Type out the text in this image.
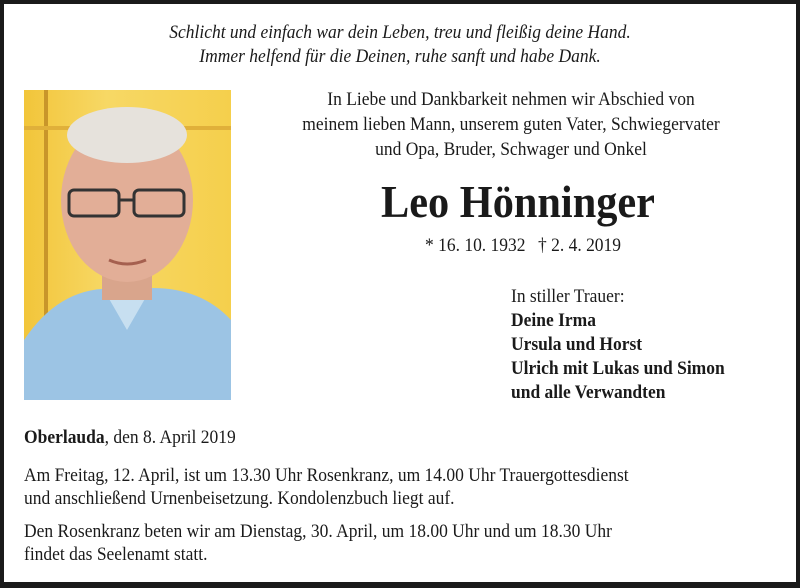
Schlicht und einfach war dein Leben, treu und fleißig deine Hand.
Immer helfend für die Deinen, ruhe sanft und habe Dank.
In Liebe und Dankbarkeit nehmen wir Abschied von
meinem lieben Mann, unserem guten Vater, Schwiegervater
und Opa, Bruder, Schwager und Onkel
Leo Hönninger
* 16. 10. 1932 † 2. 4. 2019
In stiller Trauer:
Deine Irma
Ursula und Horst
Ulrich mit Lukas und Simon
und alle Verwandten
Oberlauda, den 8. April 2019
Am Freitag, 12. April, ist um 13.30 Uhr Rosenkranz, um 14.00 Uhr Trauergottesdienst
und anschließend Urnenbeisetzung. Kondolenzbuch liegt auf.
Den Rosenkranz beten wir am Dienstag, 30. April, um 18.00 Uhr und um 18.30 Uhr
findet das Seelenamt statt.
